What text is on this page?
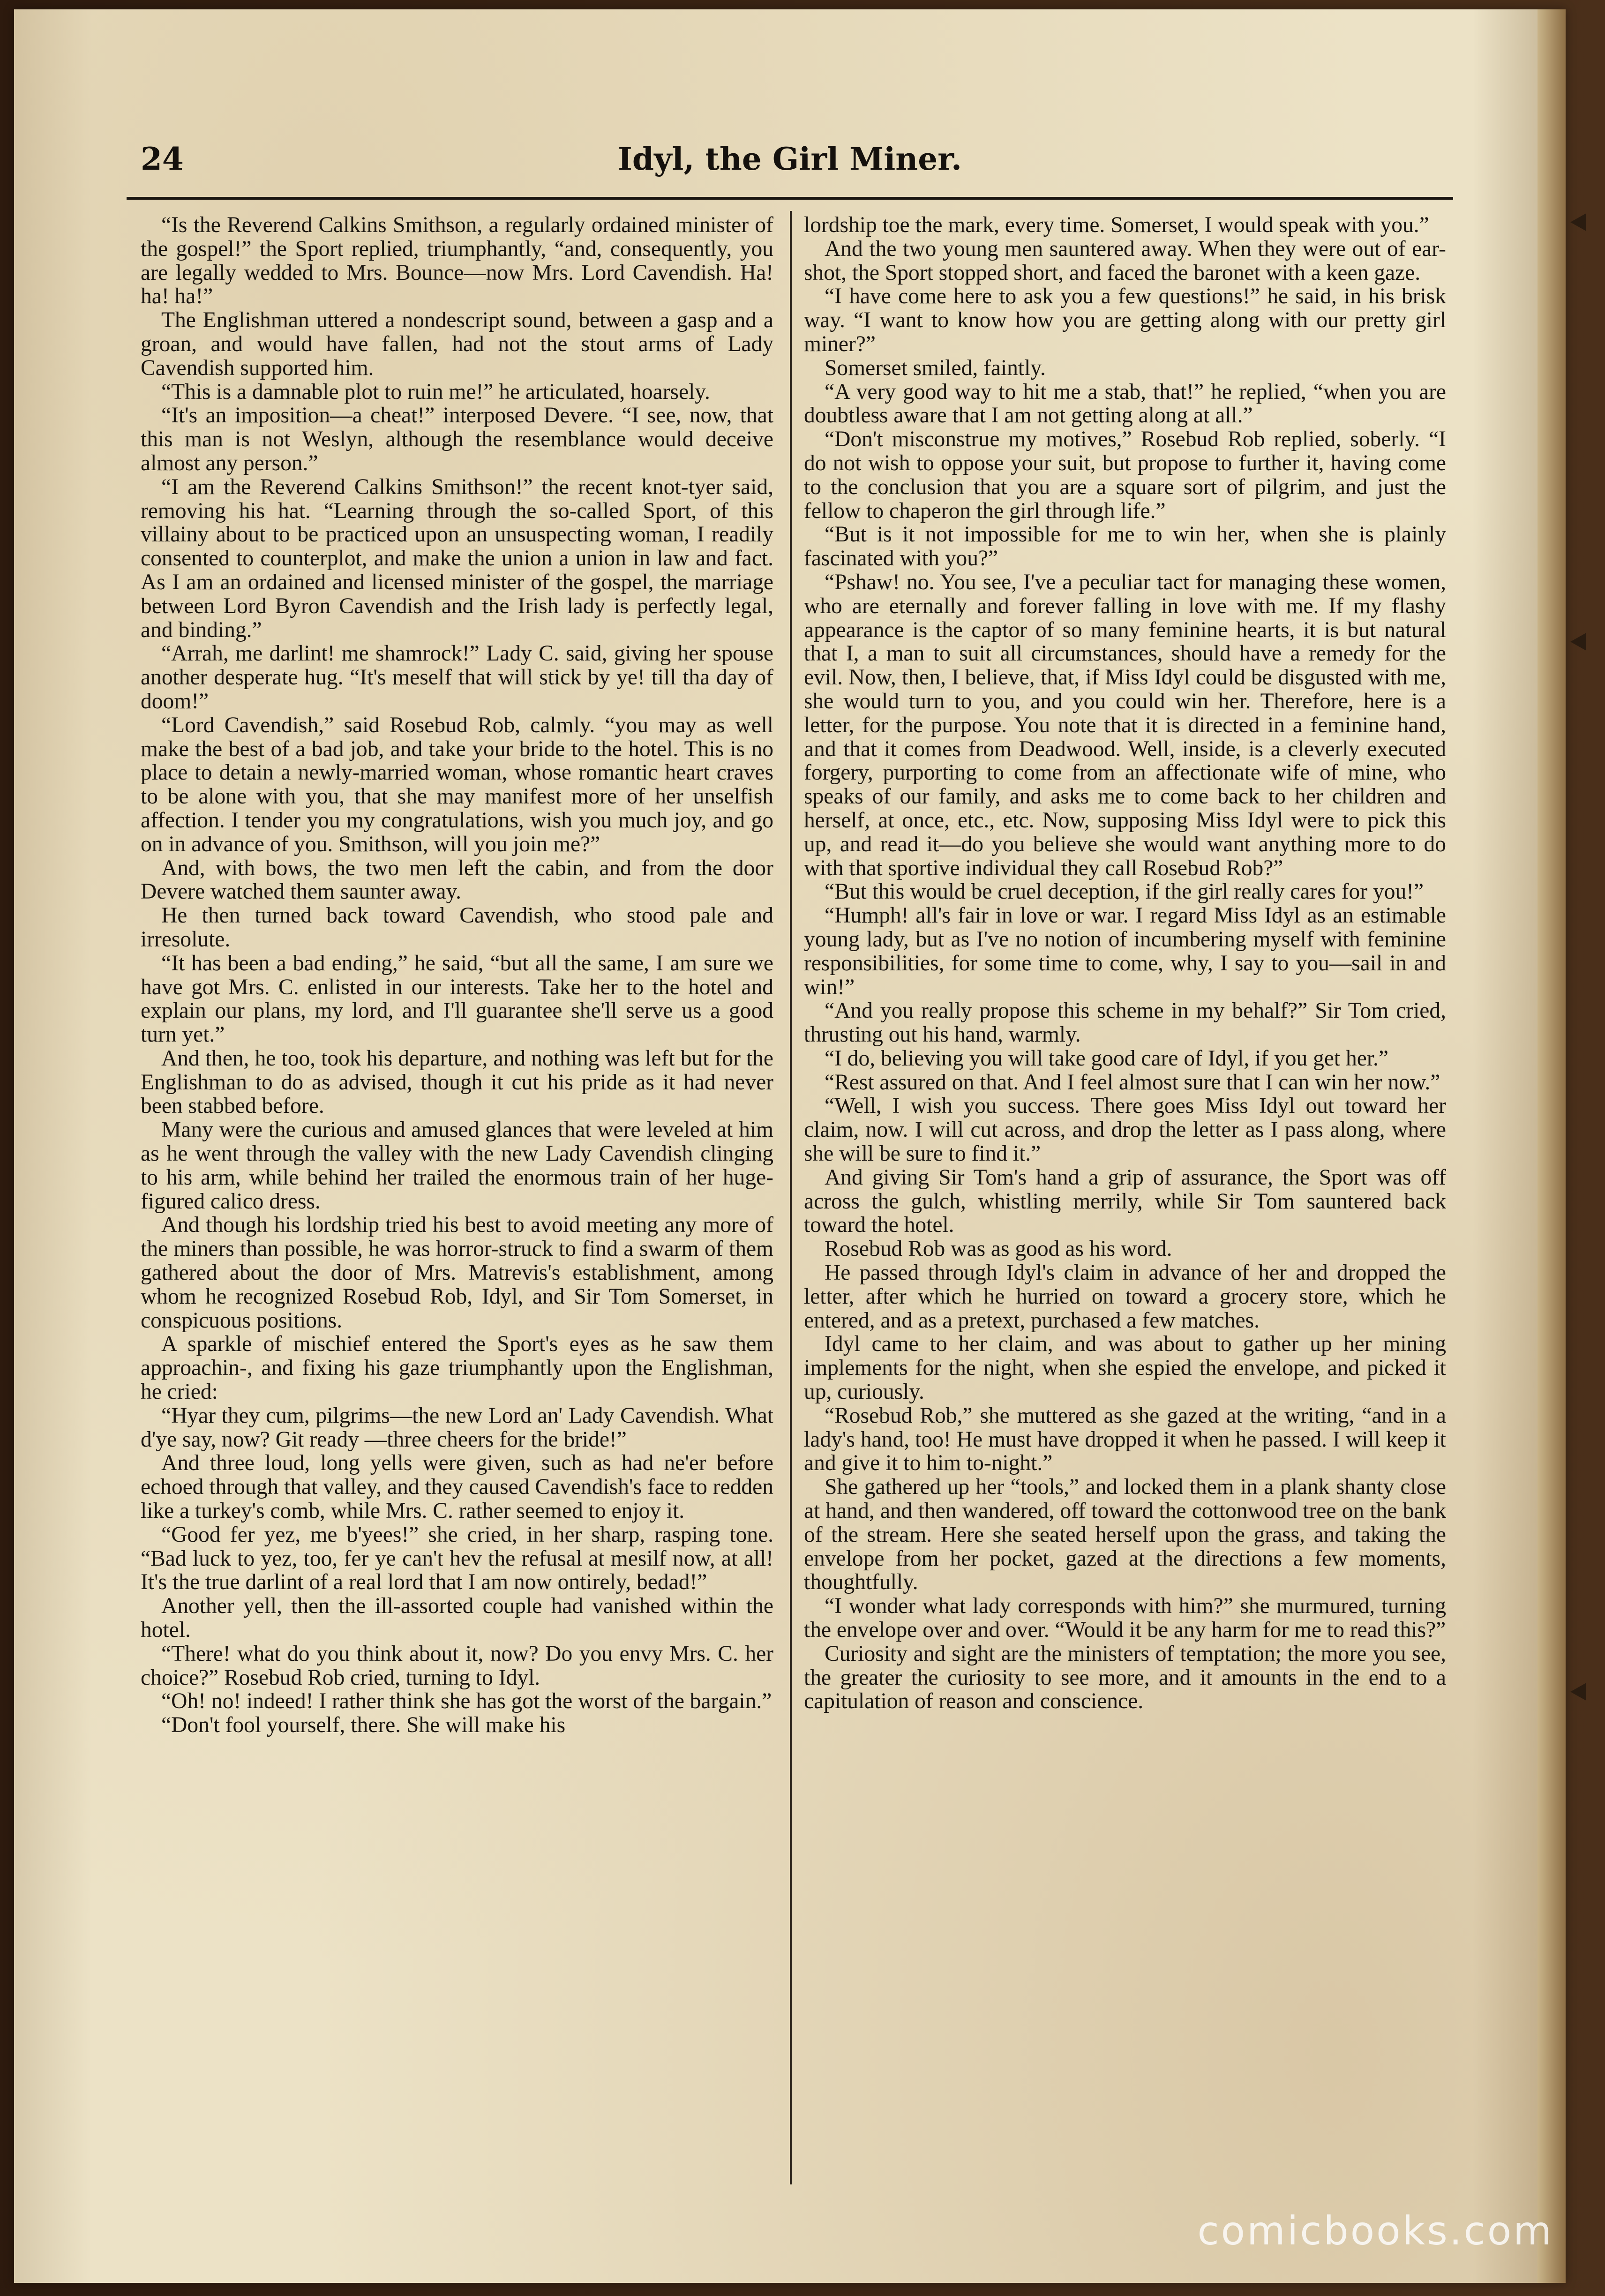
24	Idyl, the Girl Miner.

“Is the Reverend Calkins Smithson, a regularly ordained minister of the gospel!” the Sport replied, triumphantly, “and, consequently, you are legally wedded to Mrs. Bounce—now Mrs. Lord Cavendish. Ha! ha! ha!”

The Englishman uttered a nondescript sound, between a gasp and a groan, and would have fallen, had not the stout arms of Lady Cavendish supported him.

“This is a damnable plot to ruin me!” he articulated, hoarsely.

“It's an imposition—a cheat!” interposed Devere. “I see, now, that this man is not Weslyn, although the resemblance would deceive almost any person.”

“I am the Reverend Calkins Smithson!” the recent knot-tyer said, removing his hat. “Learning through the so-called Sport, of this villainy about to be practiced upon an unsuspecting woman, I readily consented to counterplot, and make the union a union in law and fact. As I am an ordained and licensed minister of the gospel, the marriage between Lord Byron Cavendish and the Irish lady is perfectly legal, and binding.”

“Arrah, me darlint! me shamrock!” Lady C. said, giving her spouse another desperate hug. “It's meself that will stick by ye! till tha day of doom!”

“Lord Cavendish,” said Rosebud Rob, calmly. “you may as well make the best of a bad job, and take your bride to the hotel. This is no place to detain a newly-married woman, whose romantic heart craves to be alone with you, that she may manifest more of her unselfish affection. I tender you my congratulations, wish you much joy, and go on in advance of you. Smithson, will you join me?”

And, with bows, the two men left the cabin, and from the door Devere watched them saunter away.

He then turned back toward Cavendish, who stood pale and irresolute.

“It has been a bad ending,” he said, “but all the same, I am sure we have got Mrs. C. enlisted in our interests. Take her to the hotel and explain our plans, my lord, and I'll guarantee she'll serve us a good turn yet.”

And then, he too, took his departure, and nothing was left but for the Englishman to do as advised, though it cut his pride as it had never been stabbed before.

Many were the curious and amused glances that were leveled at him as he went through the valley with the new Lady Cavendish clinging to his arm, while behind her trailed the enormous train of her huge-figured calico dress.

And though his lordship tried his best to avoid meeting any more of the miners than possible, he was horror-struck to find a swarm of them gathered about the door of Mrs. Matrevis's establishment, among whom he recognized Rosebud Rob, Idyl, and Sir Tom Somerset, in conspicuous positions.

A sparkle of mischief entered the Sport's eyes as he saw them approachin-, and fixing his gaze triumphantly upon the Englishman, he cried:

“Hyar they cum, pilgrims—the new Lord an' Lady Cavendish. What d'ye say, now? Git ready —three cheers for the bride!”

And three loud, long yells were given, such as had ne'er before echoed through that valley, and they caused Cavendish's face to redden like a turkey's comb, while Mrs. C. rather seemed to enjoy it.

“Good fer yez, me b'yees!” she cried, in her sharp, rasping tone. “Bad luck to yez, too, fer ye can't hev the refusal at mesilf now, at all! It's the true darlint of a real lord that I am now ontirely, bedad!”

Another yell, then the ill-assorted couple had vanished within the hotel.

“There! what do you think about it, now? Do you envy Mrs. C. her choice?” Rosebud Rob cried, turning to Idyl.

“Oh! no! indeed! I rather think she has got the worst of the bargain.”

“Don't fool yourself, there. She will make his

lordship toe the mark, every time. Somerset, I would speak with you.”

And the two young men sauntered away. When they were out of ear-shot, the Sport stopped short, and faced the baronet with a keen gaze.

“I have come here to ask you a few questions!” he said, in his brisk way. “I want to know how you are getting along with our pretty girl miner?”

Somerset smiled, faintly.

“A very good way to hit me a stab, that!” he replied, “when you are doubtless aware that I am not getting along at all.”

“Don't misconstrue my motives,” Rosebud Rob replied, soberly. “I do not wish to oppose your suit, but propose to further it, having come to the conclusion that you are a square sort of pilgrim, and just the fellow to chaperon the girl through life.”

“But is it not impossible for me to win her, when she is plainly fascinated with you?”

“Pshaw! no. You see, I've a peculiar tact for managing these women, who are eternally and forever falling in love with me. If my flashy appearance is the captor of so many feminine hearts, it is but natural that I, a man to suit all circumstances, should have a remedy for the evil. Now, then, I believe, that, if Miss Idyl could be disgusted with me, she would turn to you, and you could win her. Therefore, here is a letter, for the purpose. You note that it is directed in a feminine hand, and that it comes from Deadwood. Well, inside, is a cleverly executed forgery, purporting to come from an affectionate wife of mine, who speaks of our family, and asks me to come back to her children and herself, at once, etc., etc. Now, supposing Miss Idyl were to pick this up, and read it—do you believe she would want anything more to do with that sportive individual they call Rosebud Rob?”

“But this would be cruel deception, if the girl really cares for you!”

“Humph! all's fair in love or war. I regard Miss Idyl as an estimable young lady, but as I've no notion of incumbering myself with feminine responsibilities, for some time to come, why, I say to you—sail in and win!”

“And you really propose this scheme in my behalf?” Sir Tom cried, thrusting out his hand, warmly.

“I do, believing you will take good care of Idyl, if you get her.”

“Rest assured on that. And I feel almost sure that I can win her now.”

“Well, I wish you success. There goes Miss Idyl out toward her claim, now. I will cut across, and drop the letter as I pass along, where she will be sure to find it.”

And giving Sir Tom's hand a grip of assurance, the Sport was off across the gulch, whistling merrily, while Sir Tom sauntered back toward the hotel.

Rosebud Rob was as good as his word.

He passed through Idyl's claim in advance of her and dropped the letter, after which he hurried on toward a grocery store, which he entered, and as a pretext, purchased a few matches.

Idyl came to her claim, and was about to gather up her mining implements for the night, when she espied the envelope, and picked it up, curiously.

“Rosebud Rob,” she muttered as she gazed at the writing, “and in a lady's hand, too! He must have dropped it when he passed. I will keep it and give it to him to-night.”

She gathered up her “tools,” and locked them in a plank shanty close at hand, and then wandered, off toward the cottonwood tree on the bank of the stream. Here she seated herself upon the grass, and taking the envelope from her pocket, gazed at the directions a few moments, thoughtfully.

“I wonder what lady corresponds with him?” she murmured, turning the envelope over and over. “Would it be any harm for me to read this?”

Curiosity and sight are the ministers of temptation; the more you see, the greater the curiosity to see more, and it amounts in the end to a capitulation of reason and conscience.

comicbooks.com
